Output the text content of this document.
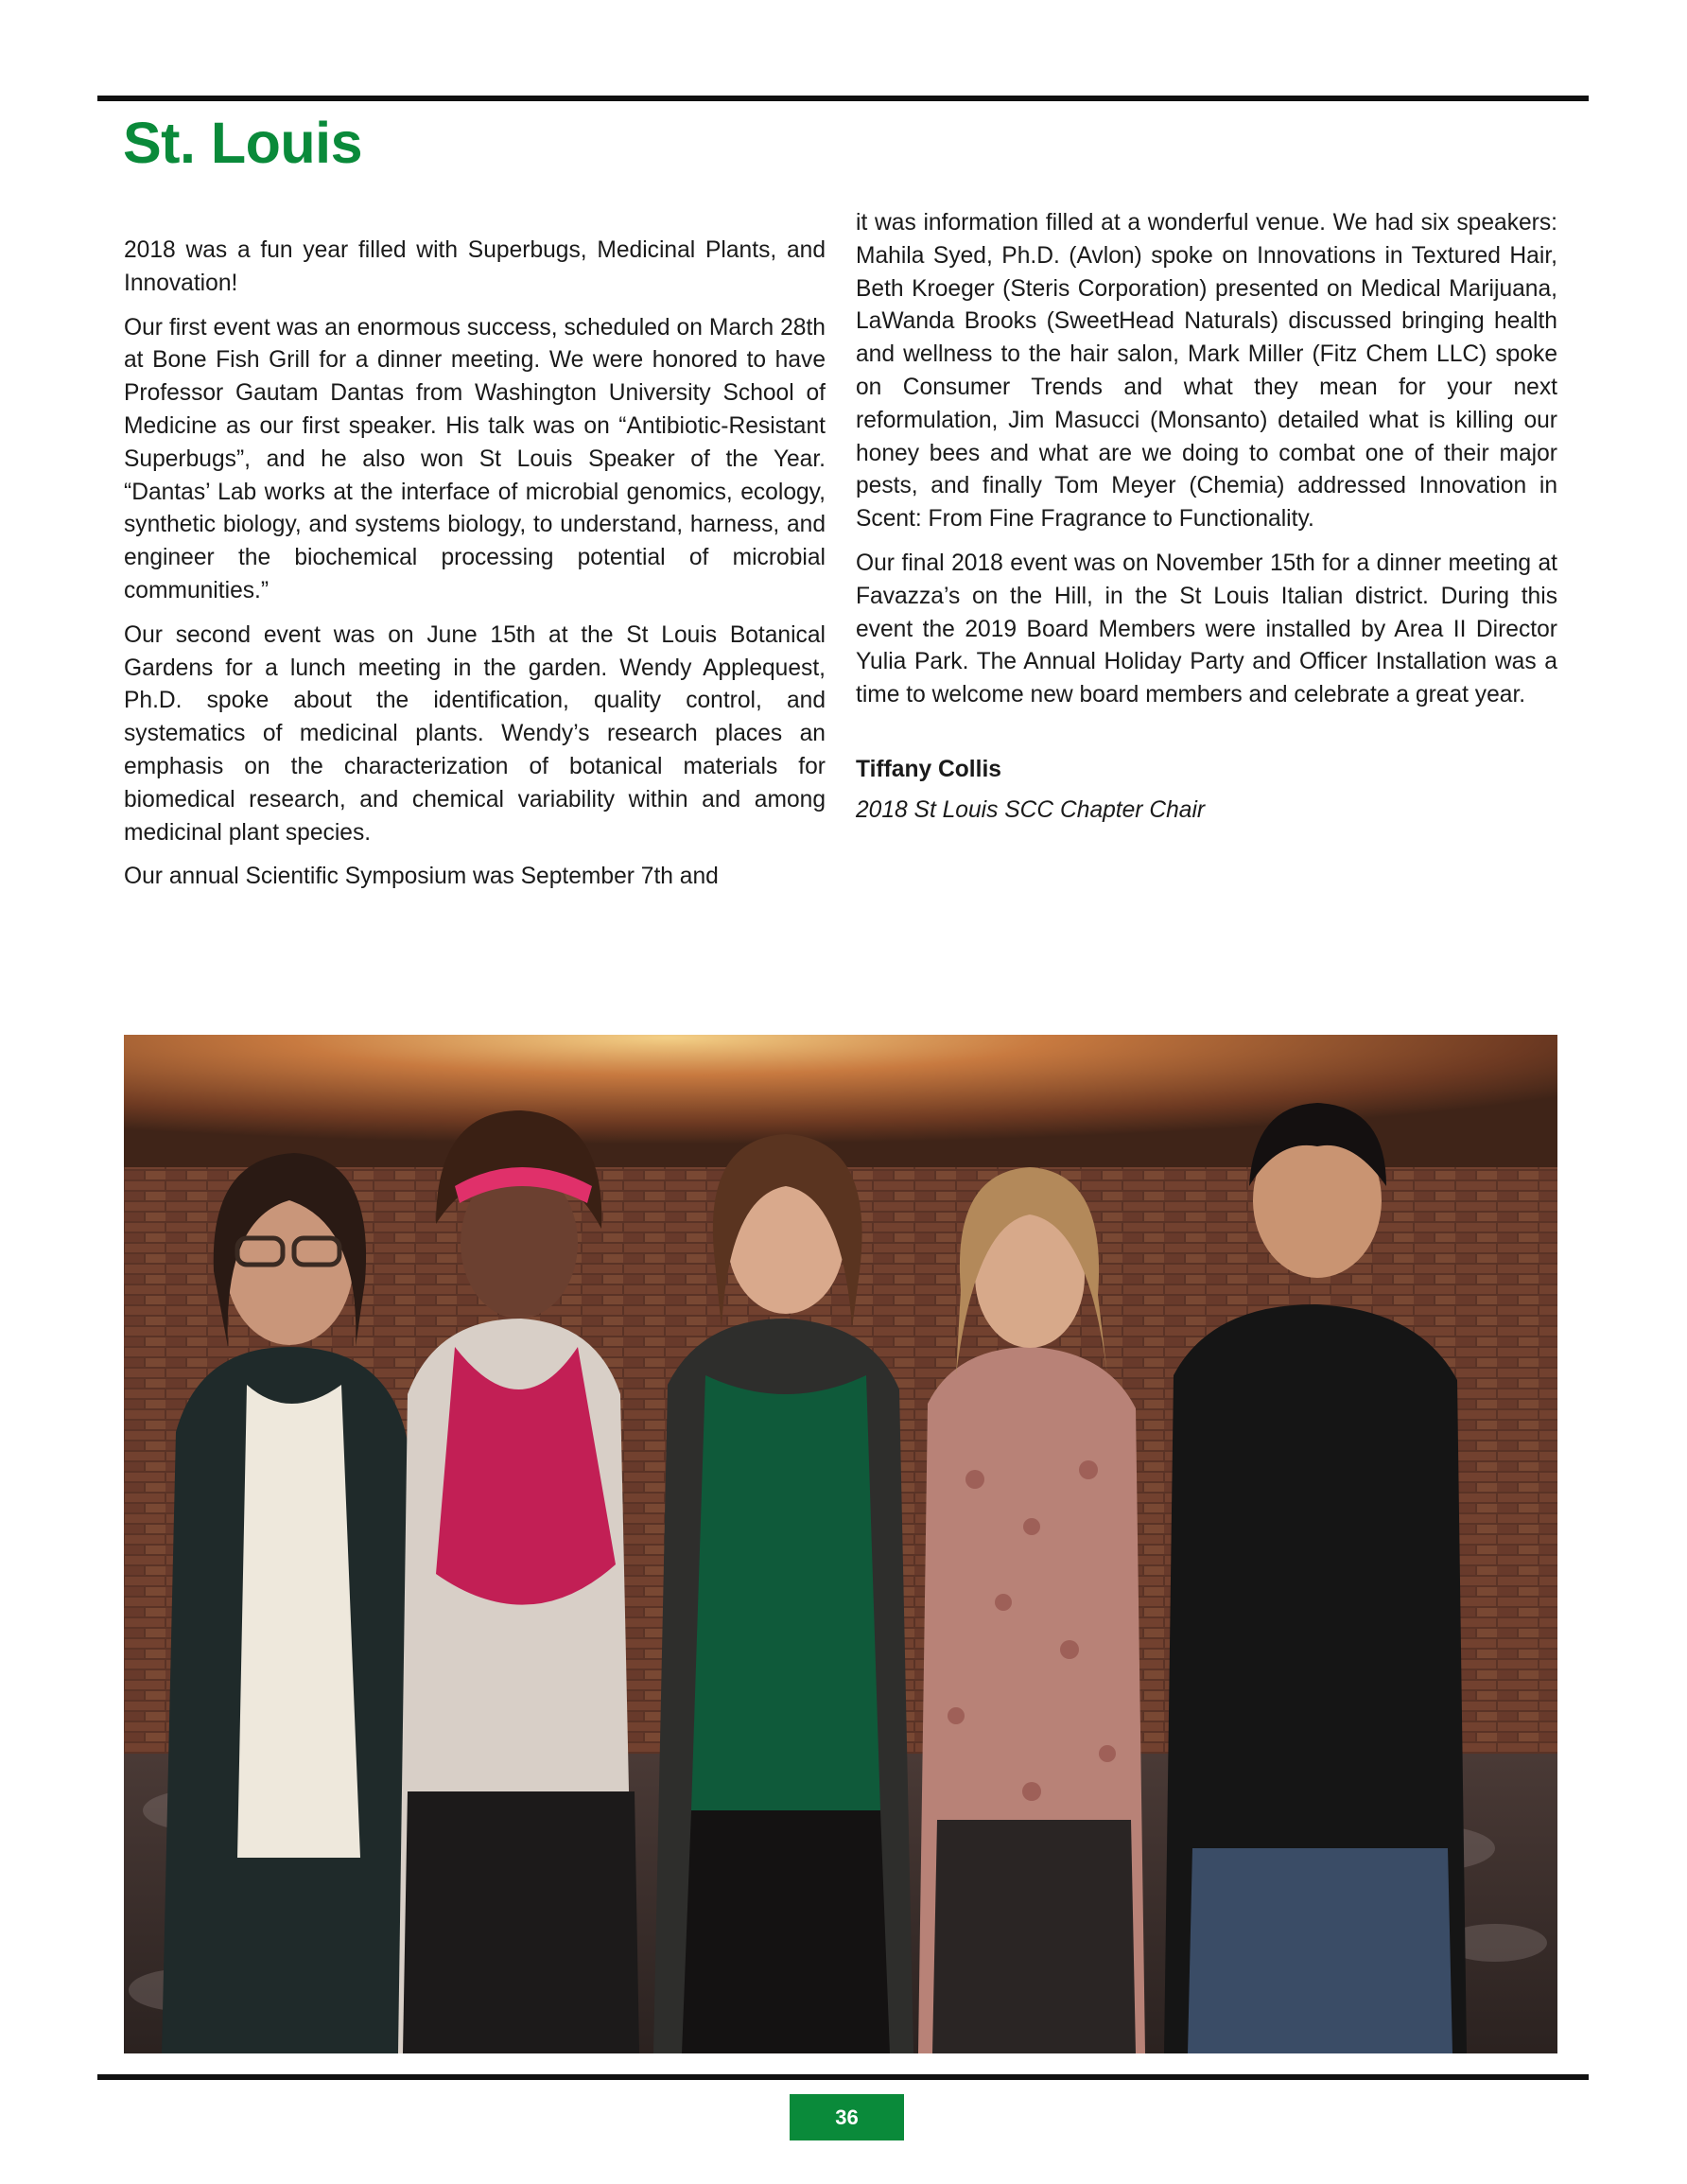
St. Louis

2018 was a fun year filled with Superbugs, Medicinal Plants, and Innovation!

Our first event was an enormous success, scheduled on March 28th at Bone Fish Grill for a dinner meeting. We were honored to have Professor Gautam Dantas from Washington University School of Medicine as our first speaker. His talk was on “Antibiotic-Resistant Superbugs”, and he also won St Louis Speaker of the Year. “Dantas’ Lab works at the interface of microbial genomics, ecology, synthetic biology, and systems biology, to understand, harness, and engineer the biochemical processing potential of microbial communities.”

Our second event was on June 15th at the St Louis Botanical Gardens for a lunch meeting in the garden. Wendy Applequest, Ph.D. spoke about the identification, quality control, and systematics of medicinal plants. Wendy’s research places an emphasis on the characterization of botanical materials for biomedical research, and chemical variability within and among medicinal plant species.

Our annual Scientific Symposium was September 7th and

it was information filled at a wonderful venue. We had six speakers: Mahila Syed, Ph.D. (Avlon) spoke on Innovations in Textured Hair, Beth Kroeger (Steris Corporation) presented on Medical Marijuana, LaWanda Brooks (SweetHead Naturals) discussed bringing health and wellness to the hair salon, Mark Miller (Fitz Chem LLC) spoke on Consumer Trends and what they mean for your next reformulation, Jim Masucci (Monsanto) detailed what is killing our honey bees and what are we doing to combat one of their major pests, and finally Tom Meyer (Chemia) addressed Innovation in Scent: From Fine Fragrance to Functionality.

Our final 2018 event was on November 15th for a dinner meeting at Favazza’s on the Hill, in the St Louis Italian district. During this event the 2019 Board Members were installed by Area II Director Yulia Park. The Annual Holiday Party and Officer Installation was a time to welcome new board members and celebrate a great year.

Tiffany Collis

2018 St Louis SCC Chapter Chair

36
